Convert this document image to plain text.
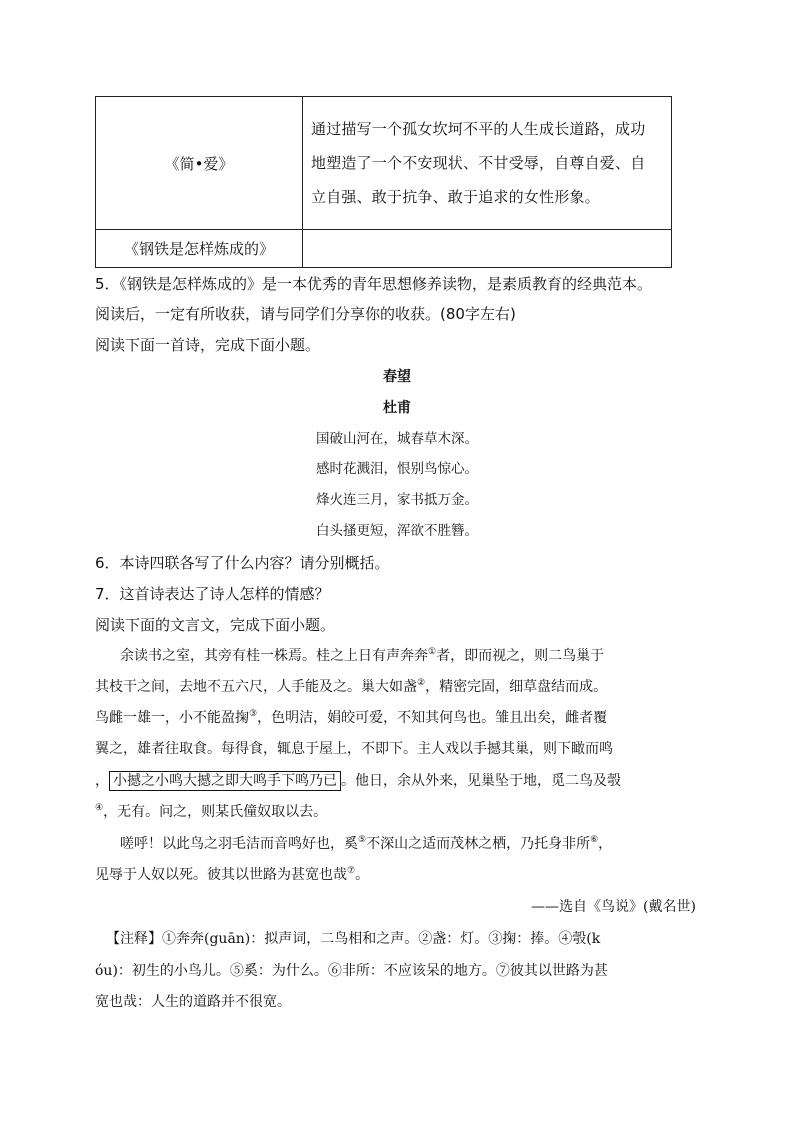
《简•爱》	通过描写一个孤女坎坷不平的人生成长道路，成功
地塑造了一个不安现状、不甘受辱，自尊自爱、自
立自强、敢于抗争、敢于追求的女性形象。

《钢铁是怎样炼成的》	
5．《钢铁是怎样炼成的》是一本优秀的青年思想修养读物，是素质教育的经典范本。
阅读后，一定有所收获，请与同学们分享你的收获。(80字左右)
阅读下面一首诗，完成下面小题。
春望
杜甫
国破山河在，城春草木深。
感时花溅泪，恨别鸟惊心。
烽火连三月，家书抵万金。
白头搔更短，浑欲不胜簪。
6．本诗四联各写了什么内容？请分别概括。
7．这首诗表达了诗人怎样的情感？
阅读下面的文言文，完成下面小题。
余读书之室，其旁有桂一株焉。桂之上日有声奔奔①者，即而视之，则二鸟巢于
其枝干之间，去地不五六尺，人手能及之。巢大如盏②，精密完固，细草盘结而成。
鸟雌一雄一，小不能盈掬③，色明洁，娟皎可爱，不知其何鸟也。雏且出矣，雌者覆
翼之，雄者往取食。每得食，辄息于屋上，不即下。主人戏以手撼其巢，则下瞰而鸣
， 小撼之小鸣大撼之即大鸣手下鸣乃已 。他日，余从外来，见巢坠于地，觅二鸟及彀
④，无有。问之，则某氏僮奴取以去。
嗟呼！以此鸟之羽毛洁而音鸣好也，奚⑤不深山之适而茂林之栖，乃托身非所⑥，
见辱于人奴以死。彼其以世路为甚宽也哉⑦。
——选自《鸟说》(戴名世)
【注释】①奔奔(guān)：拟声词，二鸟相和之声。②盏：灯。③掬：捧。④彀(k
óu)：初生的小鸟儿。⑤奚：为什么。⑥非所：不应该呆的地方。⑦彼其以世路为甚
宽也哉：人生的道路并不很宽。
